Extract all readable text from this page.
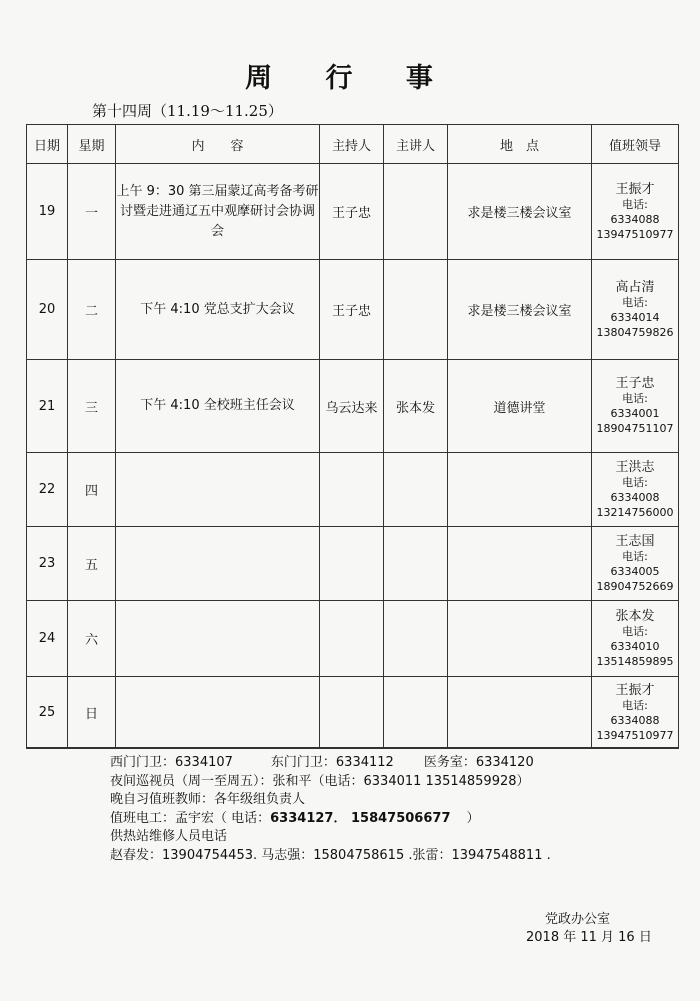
周 行 事
第十四周（11.19～11.25）
日期	星期	内　　容	主持人	主讲人	地　点	值班领导
19	一	上午 9：30 第三届蒙辽高考备考研讨暨走进通辽五中观摩研讨会协调会	王子忠		求是楼三楼会议室	王振才
电话:
6334088
13947510977

20	二	下午 4:10 党总支扩大会议	王子忠		求是楼三楼会议室	高占清
电话:
6334014
13804759826

21	三	下午 4:10 全校班主任会议	乌云达来	张本发	道德讲堂	王子忠
电话:
6334001
18904751107

22	四					王洪志
电话:
6334008
13214756000

23	五					王志国
电话:
6334005
18904752669

24	六					张本发
电话:
6334010
13514859895

25	日					王振才
电话:
6334088
13947510977
西门门卫：6334107	东门门卫：6334112 医务室：6334120
夜间巡视员（周一至周五）：张和平（电话：6334011 13514859928）
晚自习值班教师：各年级组负责人
值班电工：孟宇宏（ 电话：6334127． 15847506677 ）
供热站维修人员电话
赵春发：13904754453. 马志强：15804758615 .张雷：13947548811 .
党政办公室
2018 年 11 月 16 日
